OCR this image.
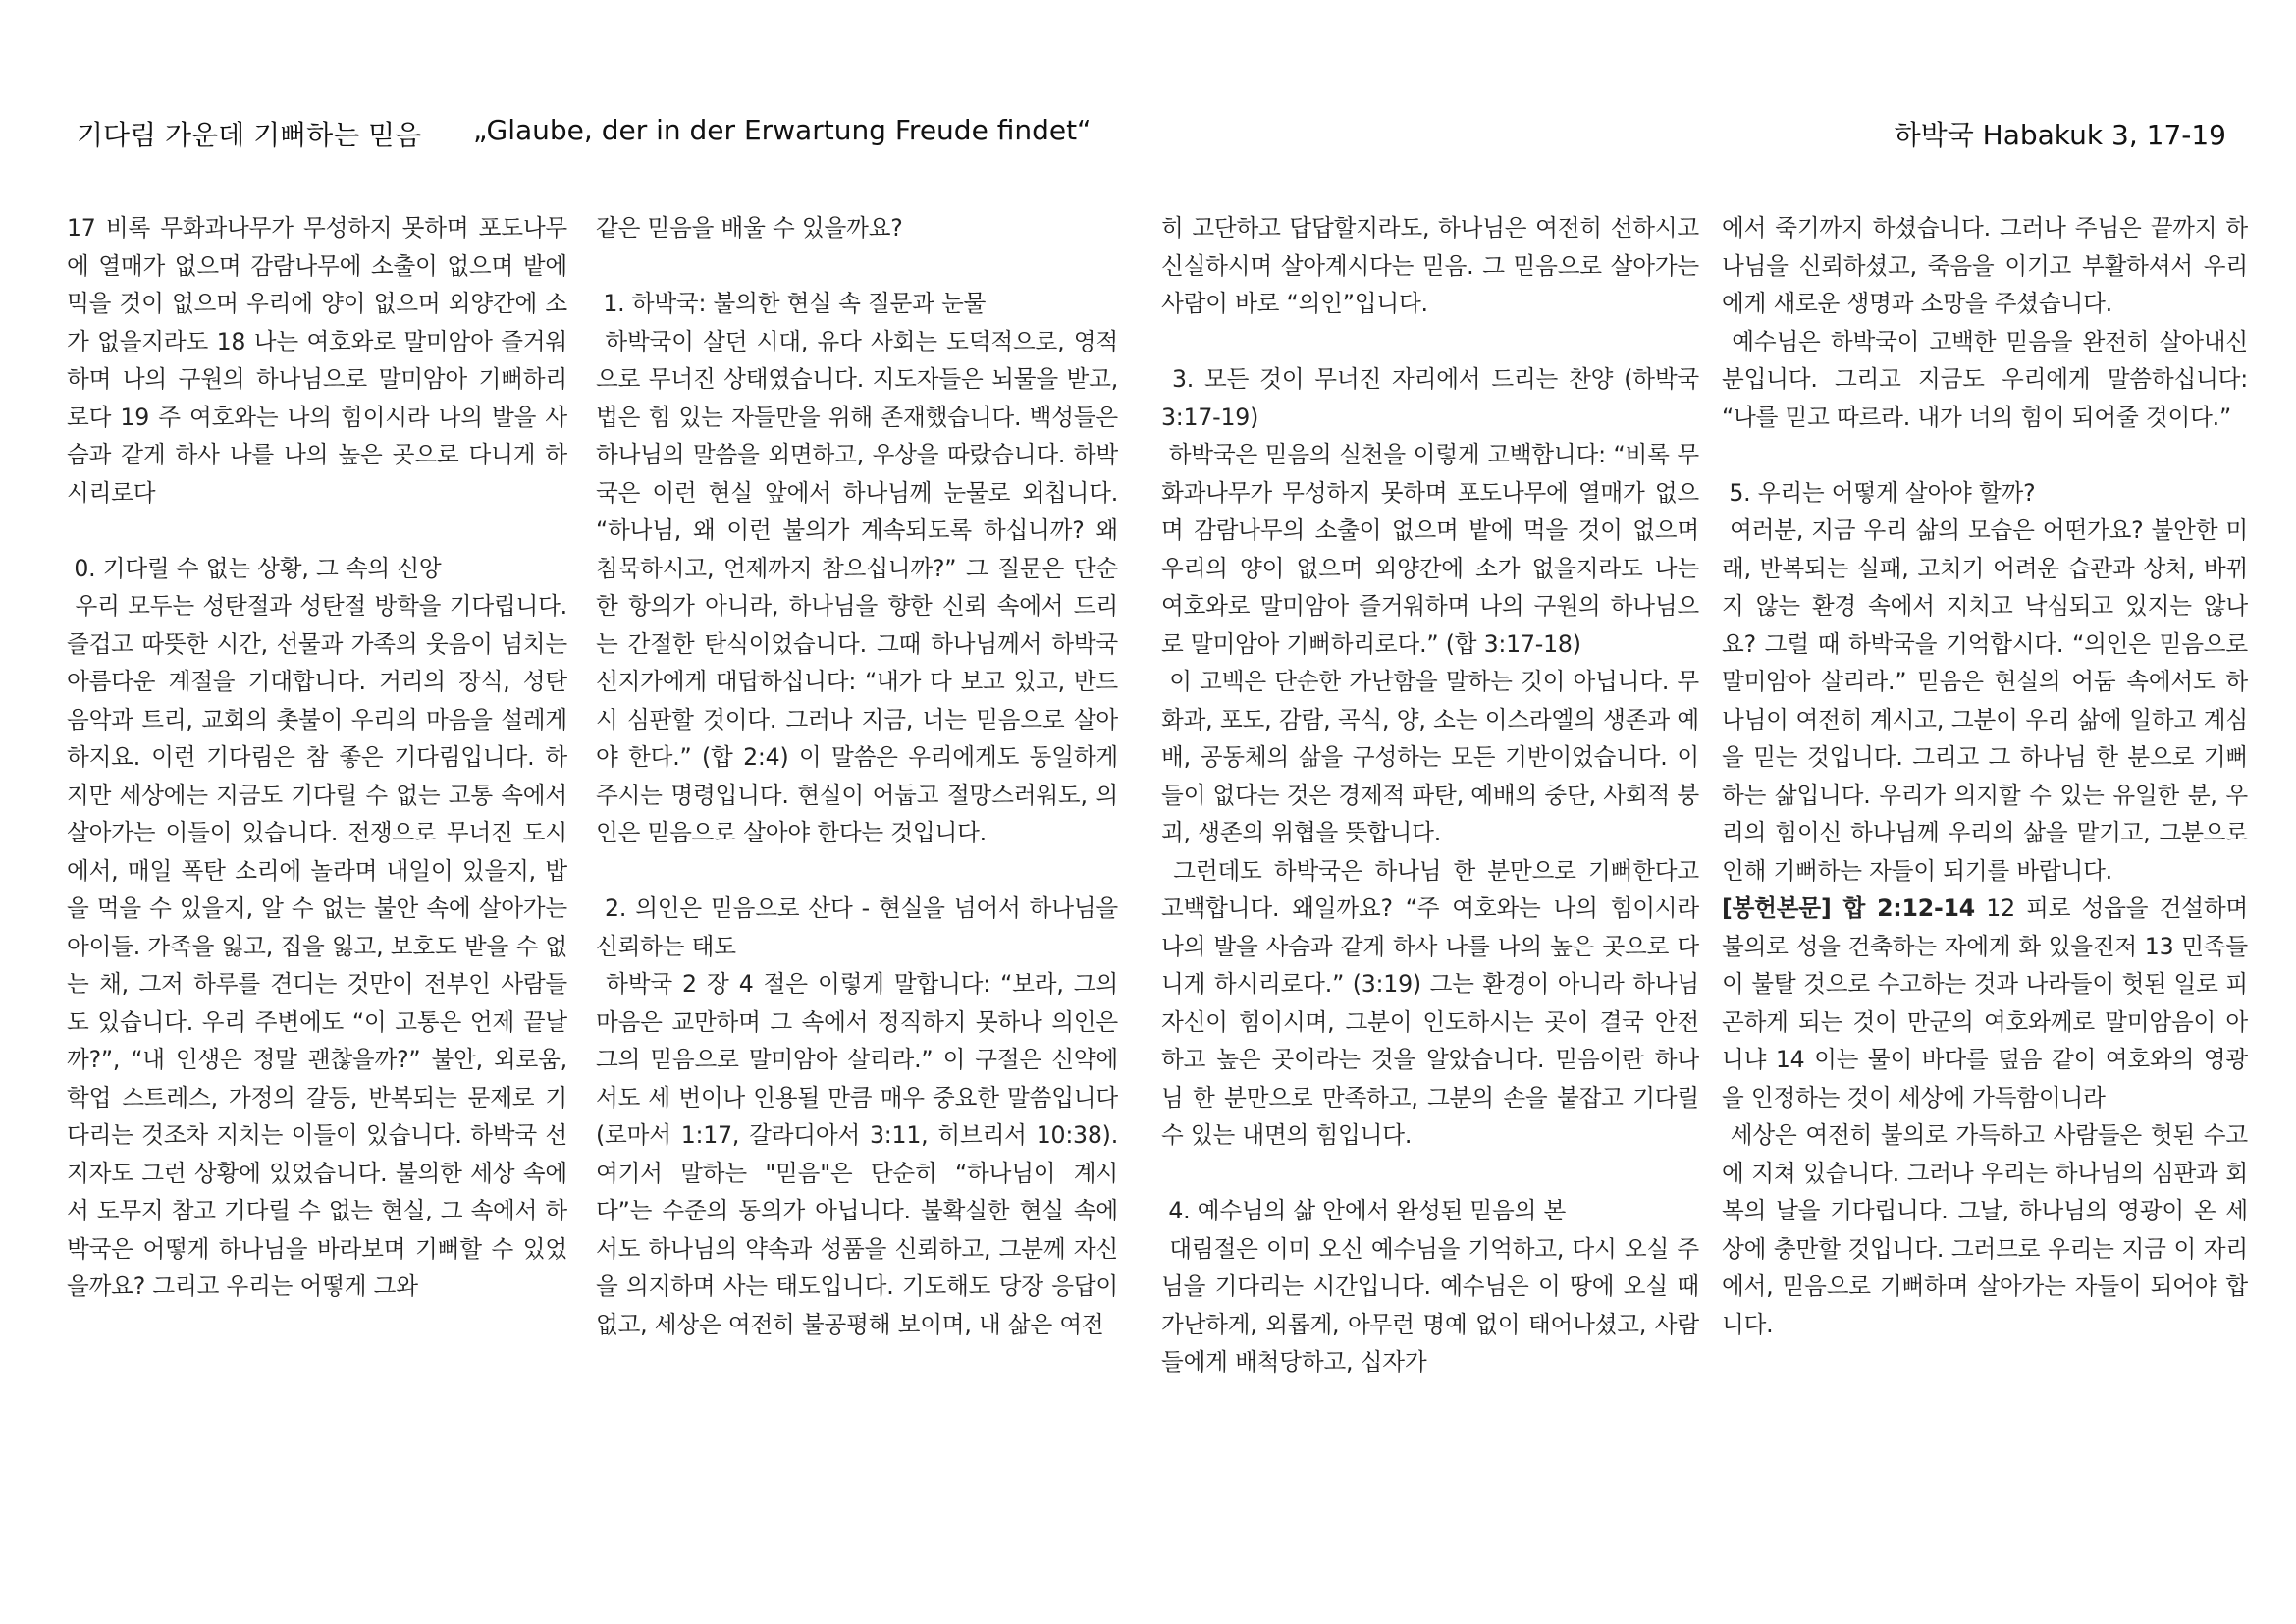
기다림 가운데 기뻐하는 믿음 „Glaube, der in der Erwartung Freude findet“	하박국 Habakuk 3, 17-19

17 비록 무화과나무가 무성하지 못하며 포도나무에 열매가 없으며 감람나무에 소출이 없으며 밭에 먹을 것이 없으며 우리에 양이 없으며 외양간에 소가 없을지라도 18 나는 여호와로 말미암아 즐거워하며 나의 구원의 하나님으로 말미암아 기뻐하리로다 19 주 여호와는 나의 힘이시라 나의 발을 사슴과 같게 하사 나를 나의 높은 곳으로 다니게 하시리로다

0. 기다릴 수 없는 상황, 그 속의 신앙

우리 모두는 성탄절과 성탄절 방학을 기다립니다. 즐겁고 따뜻한 시간, 선물과 가족의 웃음이 넘치는 아름다운 계절을 기대합니다. 거리의 장식, 성탄 음악과 트리, 교회의 촛불이 우리의 마음을 설레게 하지요. 이런 기다림은 참 좋은 기다림입니다. 하지만 세상에는 지금도 기다릴 수 없는 고통 속에서 살아가는 이들이 있습니다. 전쟁으로 무너진 도시에서, 매일 폭탄 소리에 놀라며 내일이 있을지, 밥을 먹을 수 있을지, 알 수 없는 불안 속에 살아가는 아이들. 가족을 잃고, 집을 잃고, 보호도 받을 수 없는 채, 그저 하루를 견디는 것만이 전부인 사람들도 있습니다. 우리 주변에도 “이 고통은 언제 끝날까?”, “내 인생은 정말 괜찮을까?” 불안, 외로움, 학업 스트레스, 가정의 갈등, 반복되는 문제로 기다리는 것조차 지치는 이들이 있습니다. 하박국 선지자도 그런 상황에 있었습니다. 불의한 세상 속에서 도무지 참고 기다릴 수 없는 현실, 그 속에서 하박국은 어떻게 하나님을 바라보며 기뻐할 수 있었을까요? 그리고 우리는 어떻게 그와

같은 믿음을 배울 수 있을까요?

1. 하박국: 불의한 현실 속 질문과 눈물

하박국이 살던 시대, 유다 사회는 도덕적으로, 영적으로 무너진 상태였습니다. 지도자들은 뇌물을 받고, 법은 힘 있는 자들만을 위해 존재했습니다. 백성들은 하나님의 말씀을 외면하고, 우상을 따랐습니다. 하박국은 이런 현실 앞에서 하나님께 눈물로 외칩니다. “하나님, 왜 이런 불의가 계속되도록 하십니까? 왜 침묵하시고, 언제까지 참으십니까?” 그 질문은 단순한 항의가 아니라, 하나님을 향한 신뢰 속에서 드리는 간절한 탄식이었습니다. 그때 하나님께서 하박국 선지가에게 대답하십니다: “내가 다 보고 있고, 반드시 심판할 것이다. 그러나 지금, 너는 믿음으로 살아야 한다.” (합 2:4) 이 말씀은 우리에게도 동일하게 주시는 명령입니다. 현실이 어둡고 절망스러워도, 의인은 믿음으로 살아야 한다는 것입니다.

2. 의인은 믿음으로 산다 - 현실을 넘어서 하나님을 신뢰하는 태도

하박국 2 장 4 절은 이렇게 말합니다: “보라, 그의 마음은 교만하며 그 속에서 정직하지 못하나 의인은 그의 믿음으로 말미암아 살리라.” 이 구절은 신약에서도 세 번이나 인용될 만큼 매우 중요한 말씀입니다(로마서 1:17, 갈라디아서 3:11, 히브리서 10:38). 여기서 말하는 "믿음"은 단순히 “하나님이 계시다”는 수준의 동의가 아닙니다. 불확실한 현실 속에서도 하나님의 약속과 성품을 신뢰하고, 그분께 자신을 의지하며 사는 태도입니다. 기도해도 당장 응답이 없고, 세상은 여전히 불공평해 보이며, 내 삶은 여전

히 고단하고 답답할지라도, 하나님은 여전히 선하시고 신실하시며 살아계시다는 믿음. 그 믿음으로 살아가는 사람이 바로 “의인”입니다.

3. 모든 것이 무너진 자리에서 드리는 찬양 (하박국 3:17-19)

하박국은 믿음의 실천을 이렇게 고백합니다: “비록 무화과나무가 무성하지 못하며 포도나무에 열매가 없으며 감람나무의 소출이 없으며 밭에 먹을 것이 없으며 우리의 양이 없으며 외양간에 소가 없을지라도 나는 여호와로 말미암아 즐거워하며 나의 구원의 하나님으로 말미암아 기뻐하리로다.” (합 3:17-18)

이 고백은 단순한 가난함을 말하는 것이 아닙니다. 무화과, 포도, 감람, 곡식, 양, 소는 이스라엘의 생존과 예배, 공동체의 삶을 구성하는 모든 기반이었습니다. 이들이 없다는 것은 경제적 파탄, 예배의 중단, 사회적 붕괴, 생존의 위협을 뜻합니다.

그런데도 하박국은 하나님 한 분만으로 기뻐한다고 고백합니다. 왜일까요? “주 여호와는 나의 힘이시라 나의 발을 사슴과 같게 하사 나를 나의 높은 곳으로 다니게 하시리로다.” (3:19) 그는 환경이 아니라 하나님 자신이 힘이시며, 그분이 인도하시는 곳이 결국 안전하고 높은 곳이라는 것을 알았습니다. 믿음이란 하나님 한 분만으로 만족하고, 그분의 손을 붙잡고 기다릴 수 있는 내면의 힘입니다.

4. 예수님의 삶 안에서 완성된 믿음의 본

대림절은 이미 오신 예수님을 기억하고, 다시 오실 주님을 기다리는 시간입니다. 예수님은 이 땅에 오실 때 가난하게, 외롭게, 아무런 명예 없이 태어나셨고, 사람들에게 배척당하고, 십자가

에서 죽기까지 하셨습니다. 그러나 주님은 끝까지 하나님을 신뢰하셨고, 죽음을 이기고 부활하셔서 우리에게 새로운 생명과 소망을 주셨습니다.

예수님은 하박국이 고백한 믿음을 완전히 살아내신 분입니다. 그리고 지금도 우리에게 말씀하십니다: “나를 믿고 따르라. 내가 너의 힘이 되어줄 것이다.”

5. 우리는 어떻게 살아야 할까?

여러분, 지금 우리 삶의 모습은 어떤가요? 불안한 미래, 반복되는 실패, 고치기 어려운 습관과 상처, 바뀌지 않는 환경 속에서 지치고 낙심되고 있지는 않나요? 그럴 때 하박국을 기억합시다. “의인은 믿음으로 말미암아 살리라.” 믿음은 현실의 어둠 속에서도 하나님이 여전히 계시고, 그분이 우리 삶에 일하고 계심을 믿는 것입니다. 그리고 그 하나님 한 분으로 기뻐하는 삶입니다. 우리가 의지할 수 있는 유일한 분, 우리의 힘이신 하나님께 우리의 삶을 맡기고, 그분으로 인해 기뻐하는 자들이 되기를 바랍니다.

[봉헌본문] 합 2:12-14 12 피로 성읍을 건설하며 불의로 성을 건축하는 자에게 화 있을진저 13 민족들이 불탈 것으로 수고하는 것과 나라들이 헛된 일로 피곤하게 되는 것이 만군의 여호와께로 말미암음이 아니냐 14 이는 물이 바다를 덮음 같이 여호와의 영광을 인정하는 것이 세상에 가득함이니라

세상은 여전히 불의로 가득하고 사람들은 헛된 수고에 지쳐 있습니다. 그러나 우리는 하나님의 심판과 회복의 날을 기다립니다. 그날, 하나님의 영광이 온 세상에 충만할 것입니다. 그러므로 우리는 지금 이 자리에서, 믿음으로 기뻐하며 살아가는 자들이 되어야 합니다.
